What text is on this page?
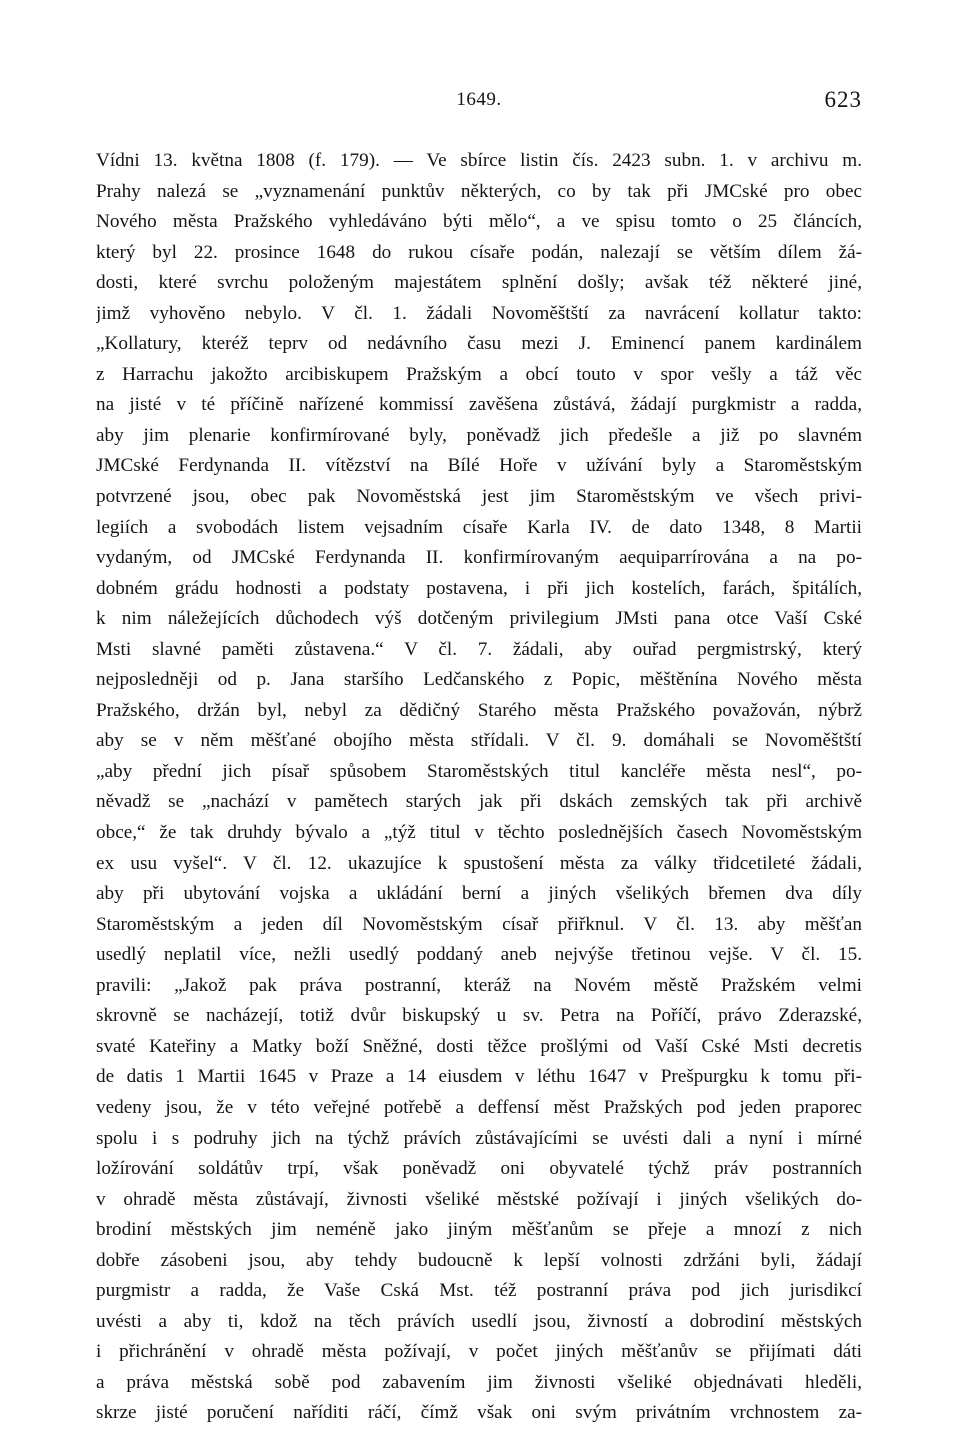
1649.	623
Vídni 13. května 1808 (f. 179). — Ve sbírce listin čís. 2423 subn. 1. v archivu m.
Prahy nalezá se „vyznamenání punktův některých, co by tak při JMCské pro obec
Nového města Pražského vyhledáváno býti mělo“, a ve spisu tomto o 25 článcích,
který byl 22. prosince 1648 do rukou císaře podán, nalezají se větším dílem žá-
dosti, které svrchu položeným majestátem splnění došly; avšak též některé jiné,
jimž vyhověno nebylo. V čl. 1. žádali Novoměštští za navrácení kollatur takto:
„Kollatury, kteréž teprv od nedávního času mezi J. Eminencí panem kardinálem
z Harrachu jakožto arcibiskupem Pražským a obcí touto v spor vešly a táž věc
na jisté v té příčině nařízené kommissí zavěšena zůstává, žádají purgkmistr a radda,
aby jim plenarie konfirmírované byly, poněvadž jich předešle a již po slavném
JMCské Ferdynanda II. vítězství na Bílé Hoře v užívání byly a Staroměstským
potvrzené jsou, obec pak Novoměstská jest jim Staroměstským ve všech privi-
legiích a svobodách listem vejsadním císaře Karla IV. de dato 1348, 8 Martii
vydaným, od JMCské Ferdynanda II. konfirmírovaným aequiparrírována a na po-
dobném grádu hodnosti a podstaty postavena, i při jich kostelích, farách, špitálích,
k nim náležejících důchodech výš dotčeným privilegium JMsti pana otce Vaší Cské
Msti slavné paměti zůstavena.“ V čl. 7. žádali, aby ouřad pergmistrský, který
nejposledněji od p. Jana staršího Ledčanského z Popic, měštěnína Nového města
Pražského, držán byl, nebyl za dědičný Starého města Pražského považován, nýbrž
aby se v něm měšťané obojího města střídali. V čl. 9. domáhali se Novoměštští
„aby přední jich písař spůsobem Staroměstských titul kancléře města nesl“, po-
něvadž se „nachází v pamětech starých jak při dskách zemských tak při archivě
obce,“ že tak druhdy bývalo a „týž titul v těchto posledněјších časech Novoměstským
ex usu vyšel“. V čl. 12. ukazujíce k spustošení města za války třidcetileté žádali,
aby při ubytování vojska a ukládání berní a jiných všelikých břemen dva díly
Staroměstským a jeden díl Novoměstským císař přiřknul. V čl. 13. aby měšťan
usedlý neplatil více, nežli usedlý poddaný aneb nejvýše třetinou vejše. V čl. 15.
pravili: „Jakož pak práva postranní, kteráž na Novém městě Pražském velmi
skrovně se nacházejí, totiž dvůr biskupský u sv. Petra na Poříčí, právo Zderazské,
svaté Kateřiny a Matky boží Sněžné, dosti těžce prošlými od Vaší Cské Msti decretis
de datis 1 Martii 1645 v Praze a 14 eiusdem v léthu 1647 v Prešpurgku k tomu při-
vedeny jsou, že v této veřejné potřebě a deffensí měst Pražských pod jeden praporec
spolu i s podruhy jich na týchž právích zůstávajícími se uvésti dali a nyní i mírné
ložírování soldátův trpí, však poněvadž oni obyvatelé týchž práv postranních
v ohradě města zůstávají, živnosti všeliké městské požívají i jiných všelikých do-
brodiní městských jim neméně jako jiným měšťanům se přeje a mnozí z nich
dobře zásobeni jsou, aby tehdy budoucně k lepší volnosti zdržáni byli, žádají
purgmistr a radda, že Vaše Cská Mst. též postranní práva pod jich jurisdikcí
uvésti a aby ti, kdož na těch právích usedlí jsou, živností a dobrodiní městských
i přichránění v ohradě města požívají, v počet jiných měšťanův se přijímati dáti
a práva městská sobě pod zabavením jim živnosti všeliké objednávati hleděli,
skrze jisté poručení naříditi ráčí, čímž však oni svým privátním vrchnostem za-
